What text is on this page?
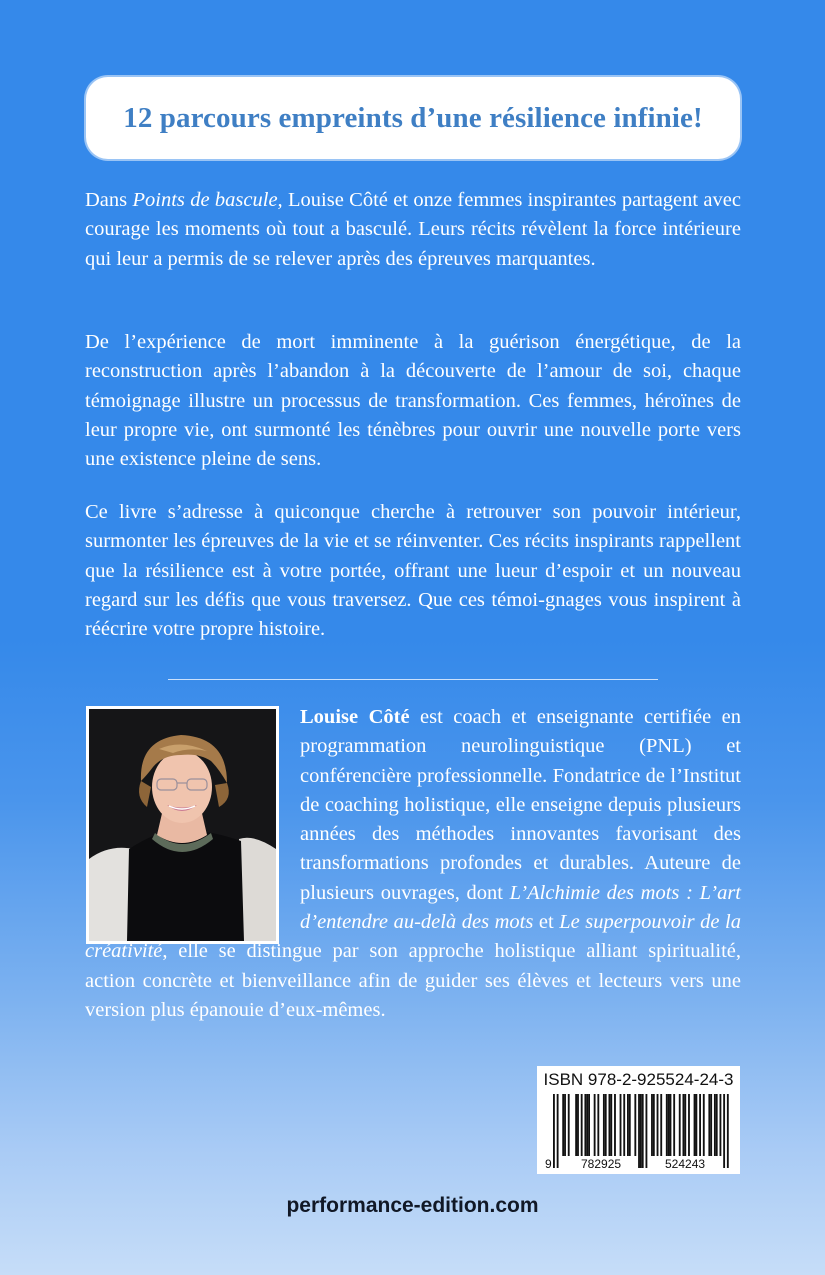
12 parcours empreints d’une résilience infinie!
Dans Points de bascule, Louise Côté et onze femmes inspirantes partagent avec courage les moments où tout a basculé. Leurs récits révèlent la force intérieure qui leur a permis de se relever après des épreuves marquantes.
De l’expérience de mort imminente à la guérison énergétique, de la reconstruction après l’abandon à la découverte de l’amour de soi, chaque témoignage illustre un processus de transformation. Ces femmes, héroïnes de leur propre vie, ont surmonté les ténèbres pour ouvrir une nouvelle porte vers une existence pleine de sens.
Ce livre s’adresse à quiconque cherche à retrouver son pouvoir intérieur, surmonter les épreuves de la vie et se réinventer. Ces récits inspirants rappellent que la résilience est à votre portée, offrant une lueur d’espoir et un nouveau regard sur les défis que vous traversez. Que ces témoi-gnages vous inspirent à réécrire votre propre histoire.
Louise Côté est coach et enseignante certifiée en programmation neurolinguistique (PNL) et conférencière professionnelle. Fondatrice de l’Institut de coaching holistique, elle enseigne depuis plusieurs années des méthodes innovantes favorisant des transformations profondes et durables. Auteure de plusieurs ouvrages, dont L’Alchimie des mots : L’art d’entendre au-delà des mots et Le superpouvoir de la créativité, elle se distingue par son approche holistique alliant spiritualité, action concrète et bienveillance afin de guider ses élèves et lecteurs vers une version plus épanouie d’eux-mêmes.
ISBN 978-2-925524-24-3
9 782925	524243
performance-edition.com
